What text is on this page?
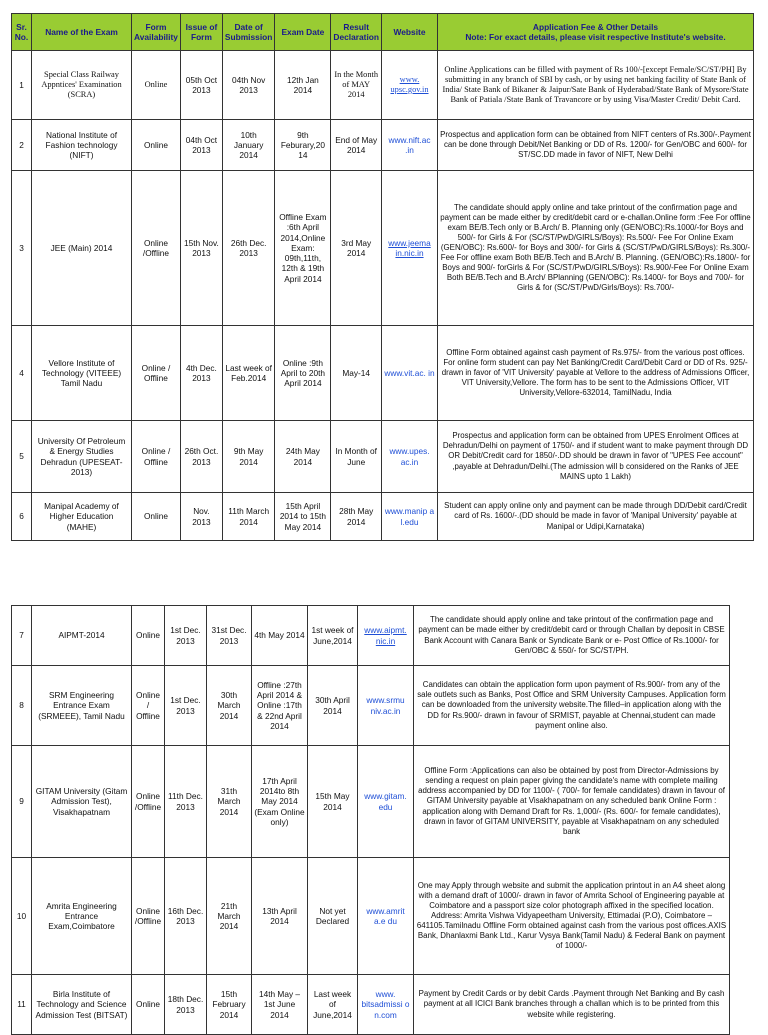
Sr. No.	Name of the Exam	Form Availability	Issue of Form	Date of Submission	Exam Date	Result Declaration	Website	Application Fee & Other Details
Note: For exact details, please visit respective Institute's website.

1	Special Class Railway Appntices' Examination (SCRA)	Online	05th Oct 2013	04th Nov 2013	12th Jan 2014	In the Month of MAY 2014	www. upsc.gov.in	Online Applications can be filled with payment of Rs 100/-[except Female/SC/ST/PH] By submitting in any branch of SBI by cash, or by using net banking facility of State Bank of India/ State Bank of Bikaner & Jaipur/Sate Bank of Hyderabad/State Bank of Mysore/State Bank of Patiala /State Bank of Travancore or by using Visa/Master Credit/ Debit Card.
2	National Institute of Fashion technology (NIFT)	Online	04th Oct 2013	10th January 2014	9th Feburary,20 14	End of May 2014	www.nift.ac .in	Prospectus and application form can be obtained from NIFT centers of Rs.300/-.Payment can be done through Debit/Net Banking or DD of Rs. 1200/- for Gen/OBC and 600/- for ST/SC.DD made in favor of NIFT, New Delhi
3	JEE (Main) 2014	Online /Offline	15th Nov. 2013	26th Dec. 2013	Offline Exam :6th April 2014,Online Exam: 09th,11th, 12th & 19th April 2014	3rd May 2014	www.jeema in.nic.in	The candidate should apply online and take printout of the confirmation page and payment can be made either by credit/debit card or e-challan.Online form :Fee For offline exam BE/B.Tech only or B.Arch/ B. Planning only (GEN/OBC):Rs.1000/-for Boys and 500/- for Girls & For (SC/ST/PwD/GIRLS/Boys): Rs.500/- Fee For Online Exam (GEN/OBC): Rs.600/- for Boys and 300/- for Girls & (SC/ST/PwD/GIRLS/Boys): Rs.300/- Fee For offline exam Both BE/B.Tech and B.Arch/ B. Planning. (GEN/OBC):Rs.1800/- for Boys and 900/- forGirls & For (SC/ST/PwD/GIRLS/Boys): Rs.900/-Fee For Online Exam Both BE/B.Tech and B.Arch/ BPlanning (GEN/OBC): Rs.1400/- for Boys and 700/- for Girls & for (SC/ST/PwD/Girls/Boys): Rs.700/-
4	Vellore Institute of Technology (VITEEE) Tamil Nadu	Online / Offline	4th Dec. 2013	Last week of Feb.2014	Online :9th April to 20th April 2014	May-14	www.vit.ac. in	Offline Form obtained against cash payment of Rs.975/- from the various post offices. For online form student can pay Net Banking/Credit Card/Debit Card or DD of Rs. 925/- drawn in favor of 'VIT University' payable at Vellore to the address of Admissions Officer, VIT University,Vellore. The form has to be sent to the Admissions Officer, VIT University,Vellore-632014, TamilNadu, India
5	University Of Petroleum & Energy Studies Dehradun (UPESEAT-2013)	Online / Offline	26th Oct. 2013	9th May 2014	24th May 2014	In Month of June	www.upes. ac.in	Prospectus and application form can be obtained from UPES Enrolment Offices at Dehradun/Delhi on payment of 1750/- and if student want to make payment through DD OR Debit/Credit card for 1850/-.DD should be drawn in favor of "UPES Fee account" ,payable at Dehradun/Delhi.(The admission will b considered on the Ranks of JEE MAINS upto 1 Lakh)
6	Manipal Academy of Higher Education (MAHE)	Online	Nov. 2013	11th March 2014	15th April 2014 to 15th May 2014	28th May 2014	www.manip a l.edu	Student can apply online only and payment can be made through DD/Debit card/Credit card of Rs. 1600/-.(DD should be made in favor of 'Manipal University' payable at Manipal or Udipi,Karnataka)
7	AIPMT-2014	Online	1st Dec. 2013	31st Dec. 2013	4th May 2014	1st week of June,2014	www.aipmt. nic.in	The candidate should apply online and take printout of the confirmation page and payment can be made either by credit/debit card or through Challan by deposit in CBSE Bank Account with Canara Bank or Syndicate Bank or e- Post Office of Rs.1000/- for Gen/OBC & 550/- for SC/ST/PH.
8	SRM Engineering Entrance Exam (SRMEEE), Tamil Nadu	Online / Offline	1st Dec. 2013	30th March 2014	Offline :27th April 2014 & Online :17th & 22nd April 2014	30th April 2014	www.srmu niv.ac.in	Candidates can obtain the application form upon payment of Rs.900/- from any of the sale outlets such as Banks, Post Office and SRM University Campuses. Application form can be downloaded from the university website.The filled–in application along with the DD for Rs.900/- drawn in favour of SRMIST, payable at Chennai,student can made payment online also.
9	GITAM University (Gitam Admission Test), Visakhapatnam	Online /Offline	11th Dec. 2013	31th March 2014	17th April 2014to 8th May 2014 (Exam Online only)	15th May 2014	www.gitam. edu	Offline Form :Applications can also be obtained by post from Director-Admissions by sending a request on plain paper giving the candidate's name with complete mailing address accompanied by DD for 1100/- ( 700/- for female candidates) drawn in favour of GITAM University payable at Visakhapatnam on any scheduled bank Online Form : application along with Demand Draft for Rs. 1,000/- (Rs. 600/- for female candidates), drawn in favor of GITAM UNIVERSITY, payable at Visakhapatnam on any scheduled bank
10	Amrita Engineering Entrance Exam,Coimbatore	Online /Offline	16th Dec. 2013	21th March 2014	13th April 2014	Not yet Declared	www.amrit a.e du	One may Apply through website and submit the application printout in an A4 sheet along with a demand draft of 1000/- drawn in favor of Amrita School of Engineering payable at Coimbatore and a passport size color photograph affixed in the specified location. Address: Amrita Vishwa Vidyapeetham University, Ettimadai (P.O), Coimbatore – 641105.Tamilnadu Offline Form obtained against cash from the various post offices.AXIS Bank, Dhanlaxmi Bank Ltd., Karur Vysya Bank(Tamil Nadu) & Federal Bank on payment of 1000/-
11	Birla Institute of Technology and Science Admission Test (BITSAT)	Online	18th Dec. 2013	15th February 2014	14th May – 1st June 2014	Last week of June,2014	www. bitsadmissi o n.com	Payment by Credit Cards or by debit Cards .Payment through Net Banking and By cash payment at all ICICI Bank branches through a challan which is to be printed from this website while registering.
